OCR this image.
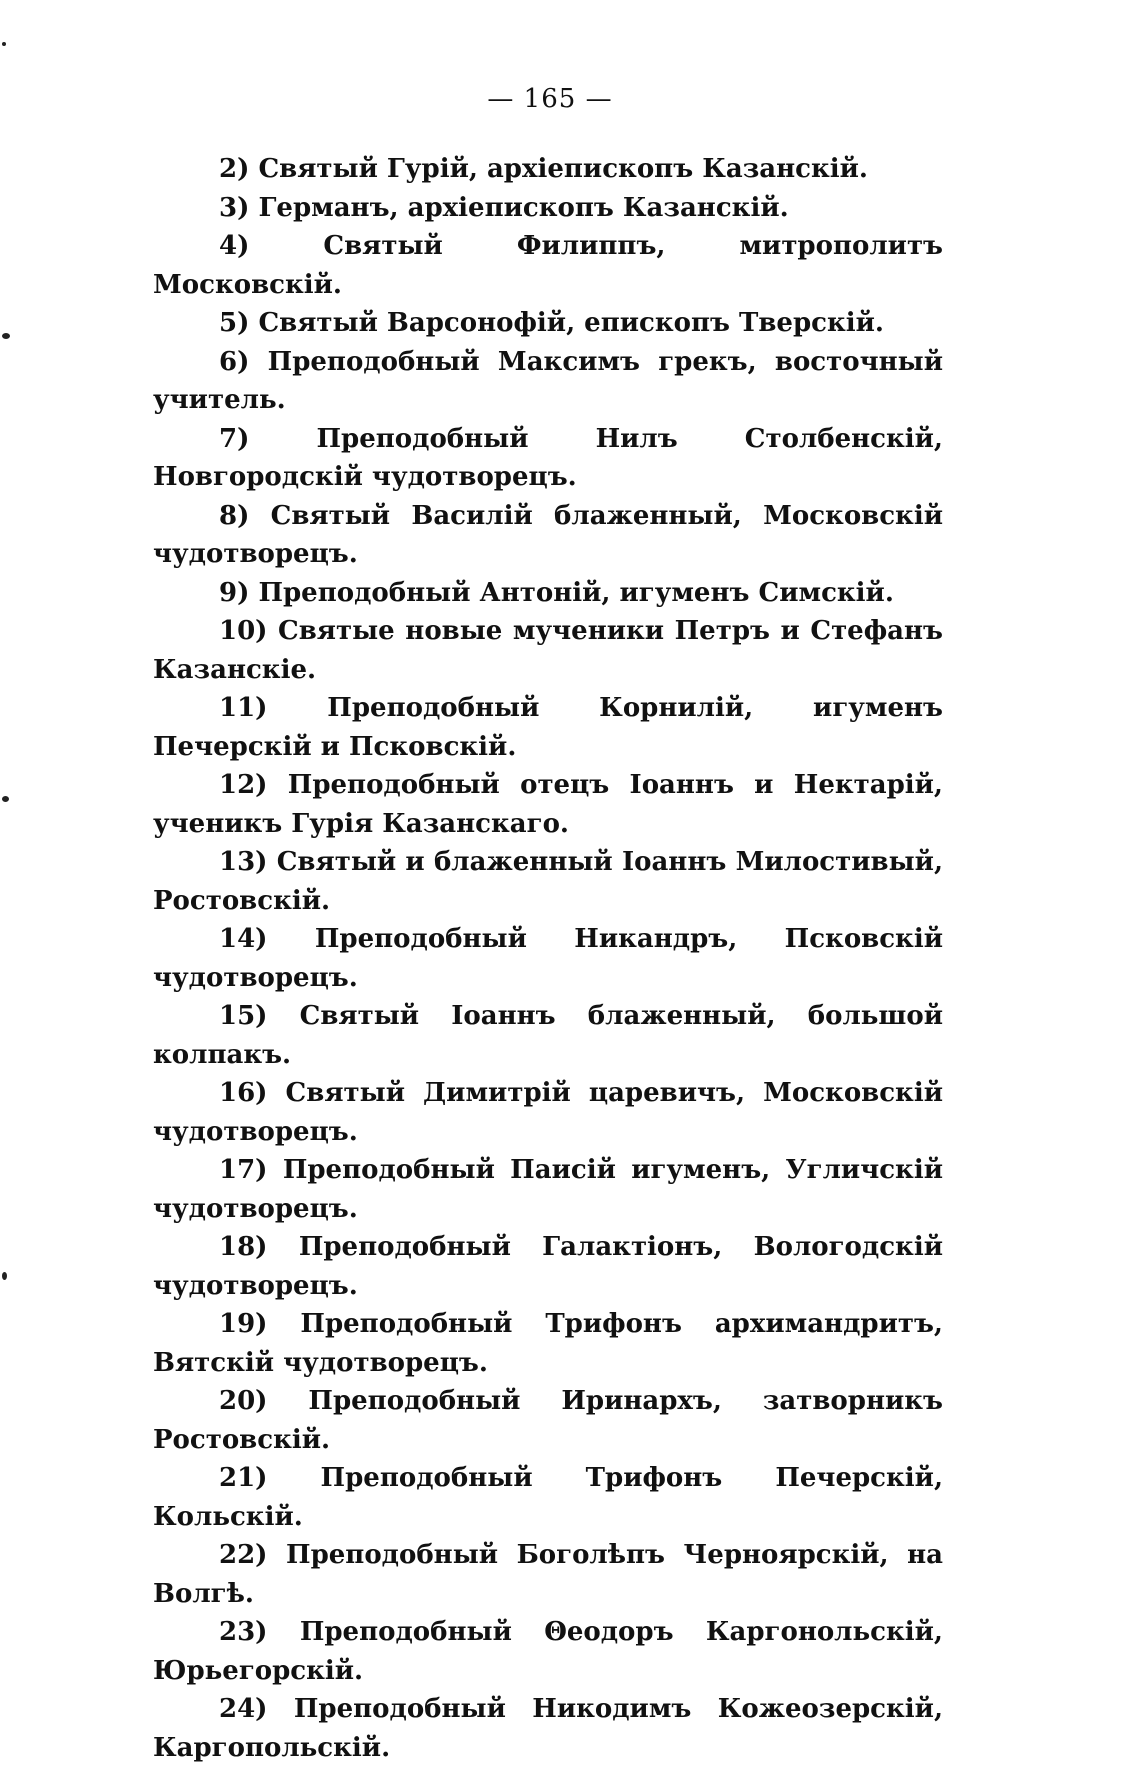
— 165 —

2) Святый Гурій, архіепископъ Казанскій.

3) Германъ, архіепископъ Казанскій.

4) Святый Филиппъ, митрополитъ Московскій.

5) Святый Варсонофій, епископъ Тверскій.

6) Преподобный Максимъ грекъ, восточный учитель.

7) Преподобный Нилъ Столбенскій, Новгородскій чудотворецъ.

8) Святый Василій блаженный, Московскій чудотворецъ.

9) Преподобный Антоній, игуменъ Симскій.

10) Святые новые мученики Петръ и Стефанъ Казанскіе.

11) Преподобный Корнилій, игуменъ Печерскій и Псковскій.

12) Преподобный отецъ Іоаннъ и Нектарій, ученикъ Гурія Казанскаго.

13) Святый и блаженный Іоаннъ Милостивый, Ростовскій.

14) Преподобный Никандръ, Псковскій чудотворецъ.

15) Святый Іоаннъ блаженный, большой колпакъ.

16) Святый Димитрій царевичъ, Московскій чудотворецъ.

17) Преподобный Паисій игуменъ, Угличскій чудотворецъ.

18) Преподобный Галактіонъ, Вологодскій чудотворецъ.

19) Преподобный Трифонъ архимандритъ, Вятскій чудотворецъ.

20) Преподобный Иринархъ, затворникъ Ростовскій.

21) Преподобный Трифонъ Печерскій, Кольскій.

22) Преподобный Боголѣпъ Черноярскій, на Волгѣ.

23) Преподобный Θеодоръ Каргонольскій, Юрьегорскій.

24) Преподобный Никодимъ Кожеозерскій, Каргопольскій.
